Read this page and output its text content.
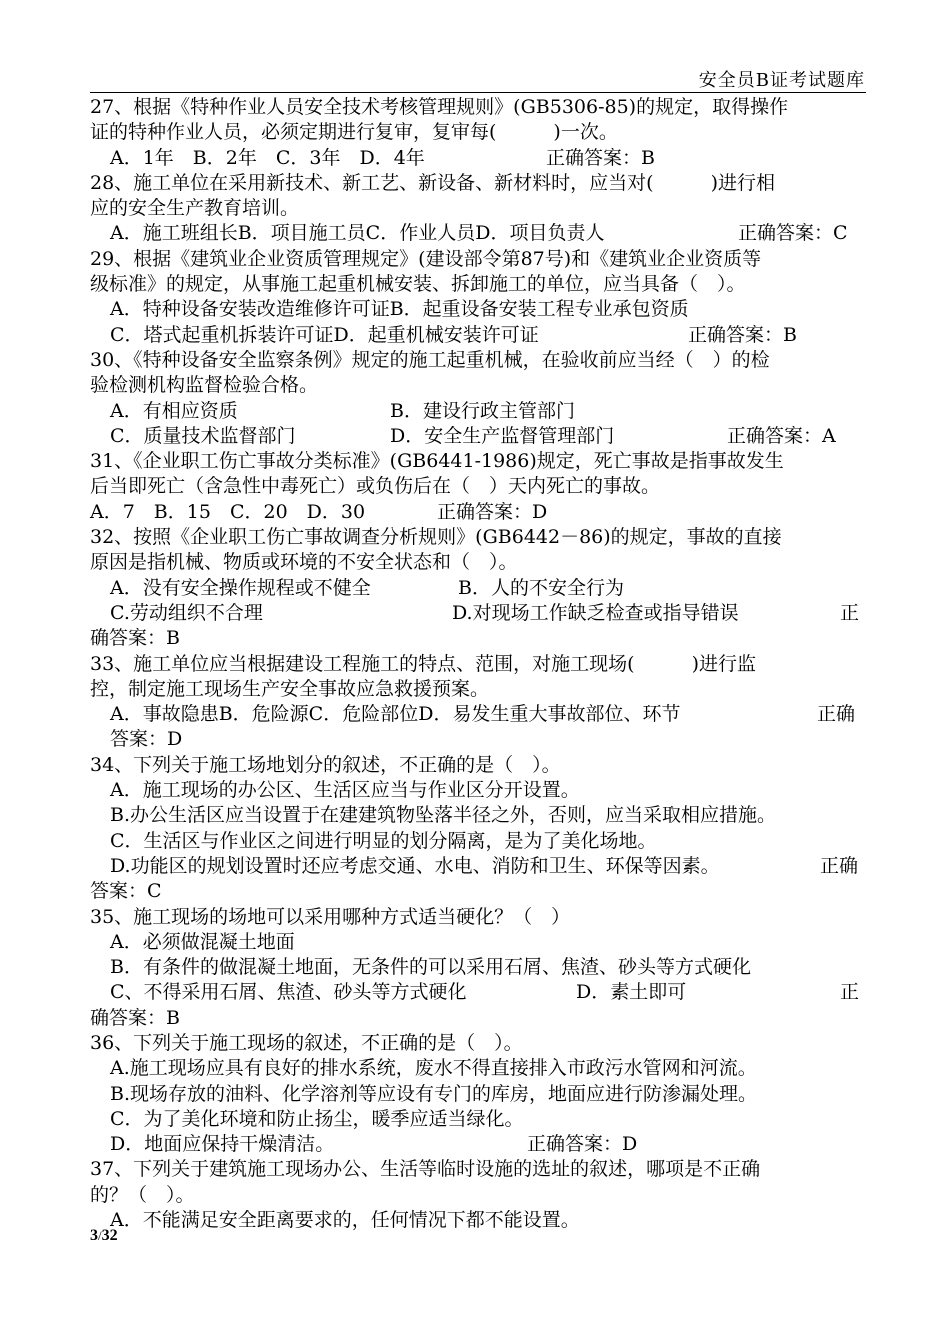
安全员B证考试题库
27、根据《特种作业人员安全技术考核管理规则》(GB5306-85)的规定，取得操作
证的特种作业人员，必须定期进行复审，复审每(　　　)一次。
A．1年　B．2年　C．3年　D．4年	正确答案：B
28、施工单位在采用新技术、新工艺、新设备、新材料时，应当对(　　　)进行相
应的安全生产教育培训。
A．施工班组长B．项目施工员C．作业人员D．项目负责人	正确答案：C
29、根据《建筑业企业资质管理规定》(建设部令第87号)和《建筑业企业资质等
级标准》的规定，从事施工起重机械安装、拆卸施工的单位，应当具备（　）。
A．特种设备安装改造维修许可证B．起重设备安装工程专业承包资质
C．塔式起重机拆装许可证D．起重机械安装许可证	正确答案：B
30、《特种设备安全监察条例》规定的施工起重机械，在验收前应当经（　）的检
验检测机构监督检验合格。
A．有相应资质	B．建设行政主管部门
C．质量技术监督部门	D．安全生产监督管理部门	正确答案：A
31、《企业职工伤亡事故分类标准》(GB6441-1986)规定，死亡事故是指事故发生
后当即死亡（含急性中毒死亡）或负伤后在（　）天内死亡的事故。
A．7　B．15　C．20　D．30	正确答案：D
32、按照《企业职工伤亡事故调查分析规则》(GB6442－86)的规定，事故的直接
原因是指机械、物质或环境的不安全状态和（　）。
A．没有安全操作规程或不健全	B．人的不安全行为
C.劳动组织不合理	D.对现场工作缺乏检查或指导错误	正
确答案：B
33、施工单位应当根据建设工程施工的特点、范围，对施工现场(　　　)进行监
控，制定施工现场生产安全事故应急救援预案。
A．事故隐患B．危险源C．危险部位D．易发生重大事故部位、环节	正确
答案：D
34、下列关于施工场地划分的叙述，不正确的是（　）。
A．施工现场的办公区、生活区应当与作业区分开设置。
B.办公生活区应当设置于在建建筑物坠落半径之外，否则，应当采取相应措施。
C．生活区与作业区之间进行明显的划分隔离，是为了美化场地。
D.功能区的规划设置时还应考虑交通、水电、消防和卫生、环保等因素。	正确
答案：C
35、施工现场的场地可以采用哪种方式适当硬化？（　）
A．必须做混凝土地面
B．有条件的做混凝土地面，无条件的可以采用石屑、焦渣、砂头等方式硬化
C、不得采用石屑、焦渣、砂头等方式硬化	D．素土即可	正
确答案：B
36、下列关于施工现场的叙述，不正确的是（　）。
A.施工现场应具有良好的排水系统，废水不得直接排入市政污水管网和河流。
B.现场存放的油料、化学溶剂等应设有专门的库房，地面应进行防渗漏处理。
C．为了美化环境和防止扬尘，暖季应适当绿化。
D．地面应保持干燥清洁。	正确答案：D
37、下列关于建筑施工现场办公、生活等临时设施的选址的叙述，哪项是不正确
的？（　）。
A．不能满足安全距离要求的，任何情况下都不能设置。
3/32
